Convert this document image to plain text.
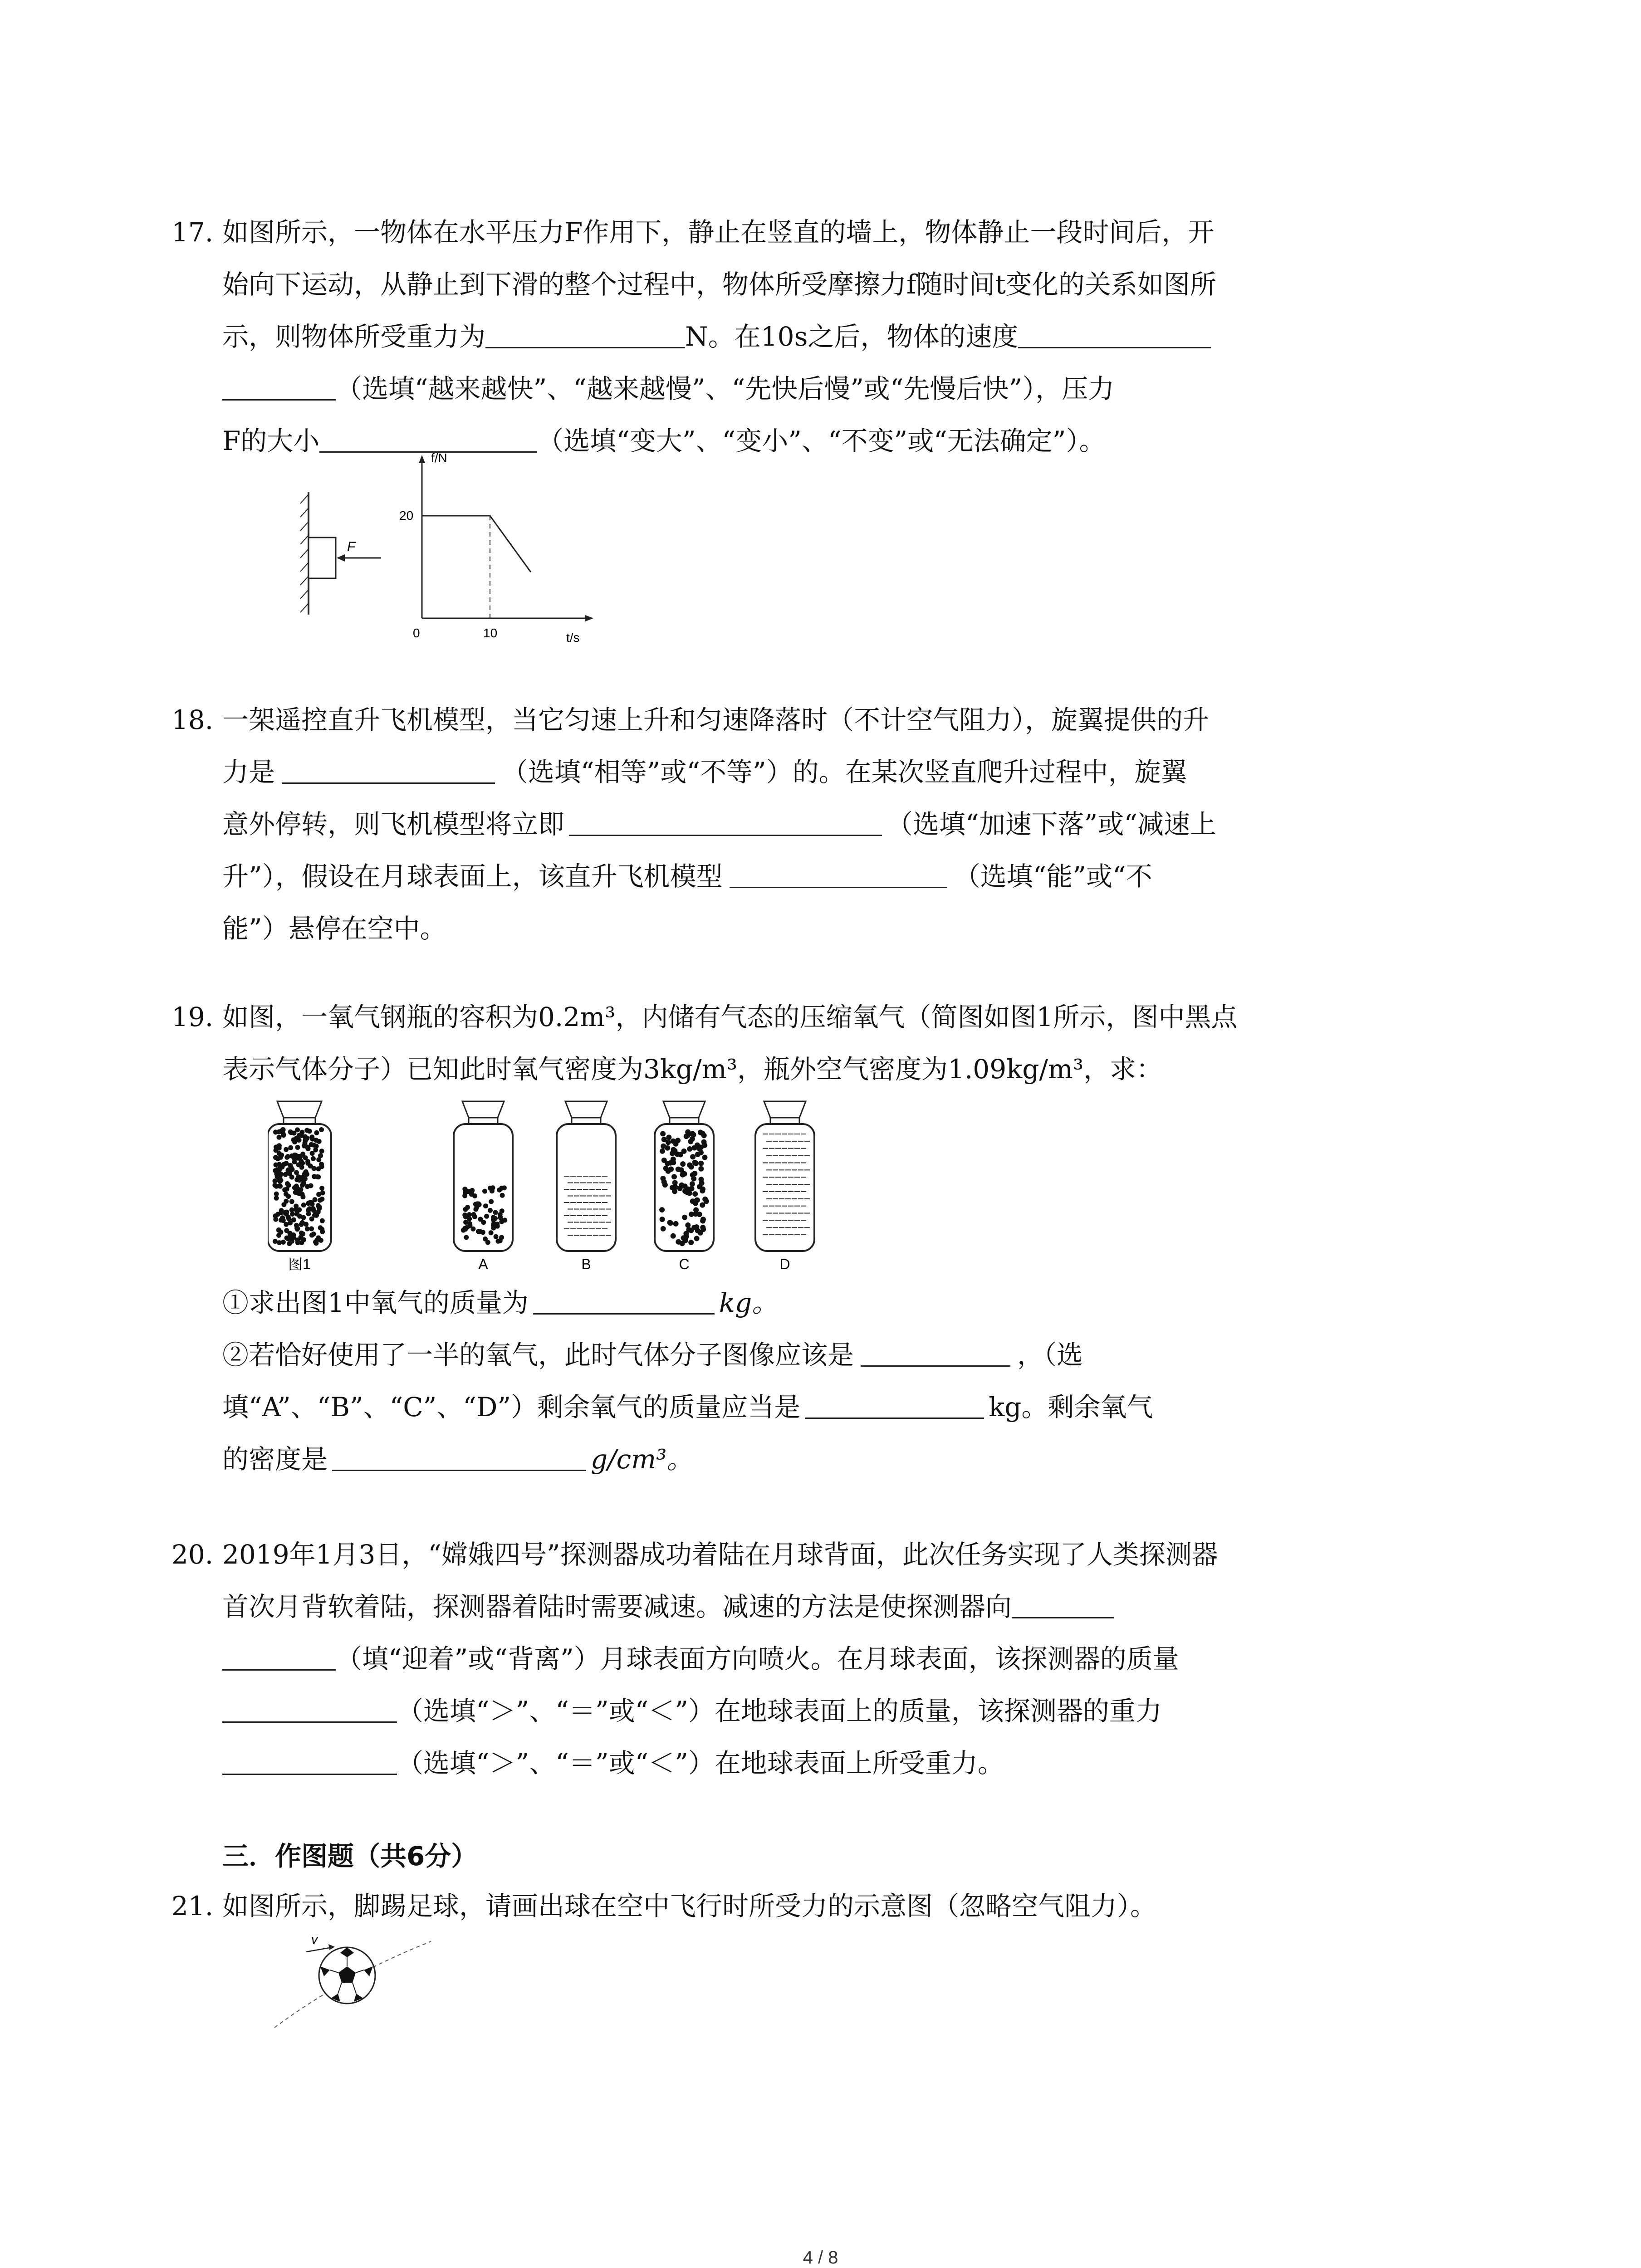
17. 如图所示，一物体在水平压力F作用下，静止在竖直的墙上，物体静止一段时间后，开

始向下运动，从静止到下滑的整个过程中，物体所受摩擦力f随时间t变化的关系如图所

示，则物体所受重力为	N。在10s之后，物体的速度

（选填“越来越快”、“越来越慢”、“先快后慢”或“先慢后快”），压力

F的大小	（选填“变大”、“变小”、“不变”或“无法确定”）。

F
f/N
t/s
20
10
0

18. 一架遥控直升飞机模型，当它匀速上升和匀速降落时（不计空气阻力），旋翼提供的升

力是	（选填“相等”或“不等”）的。在某次竖直爬升过程中，旋翼

意外停转，则飞机模型将立即	（选填“加速下落”或“减速上

升”），假设在月球表面上，该直升飞机模型	（选填“能”或“不

能”）悬停在空中。

19. 如图，一氧气钢瓶的容积为0.2m³，内储有气态的压缩氧气（简图如图1所示，图中黑点

表示气体分子）已知此时氧气密度为3kg/m³，瓶外空气密度为1.09kg/m³，求：

图1	A	B	C	D

①求出图1中氧气的质量为	kg。

②若恰好使用了一半的氧气，此时气体分子图像应该是	，（选

填“A”、“B”、“C”、“D”）剩余氧气的质量应当是	kg。剩余氧气

的密度是	g/cm³。

20. 2019年1月3日，“嫦娥四号”探测器成功着陆在月球背面，此次任务实现了人类探测器

首次月背软着陆，探测器着陆时需要减速。减速的方法是使探测器向

（填“迎着”或“背离”）月球表面方向喷火。在月球表面，该探测器的质量

（选填“＞”、“＝”或“＜”）在地球表面上的质量，该探测器的重力

（选填“＞”、“＝”或“＜”）在地球表面上所受重力。

三．作图题（共6分）

21. 如图所示，脚踢足球，请画出球在空中飞行时所受力的示意图（忽略空气阻力）。

v
4 / 8
